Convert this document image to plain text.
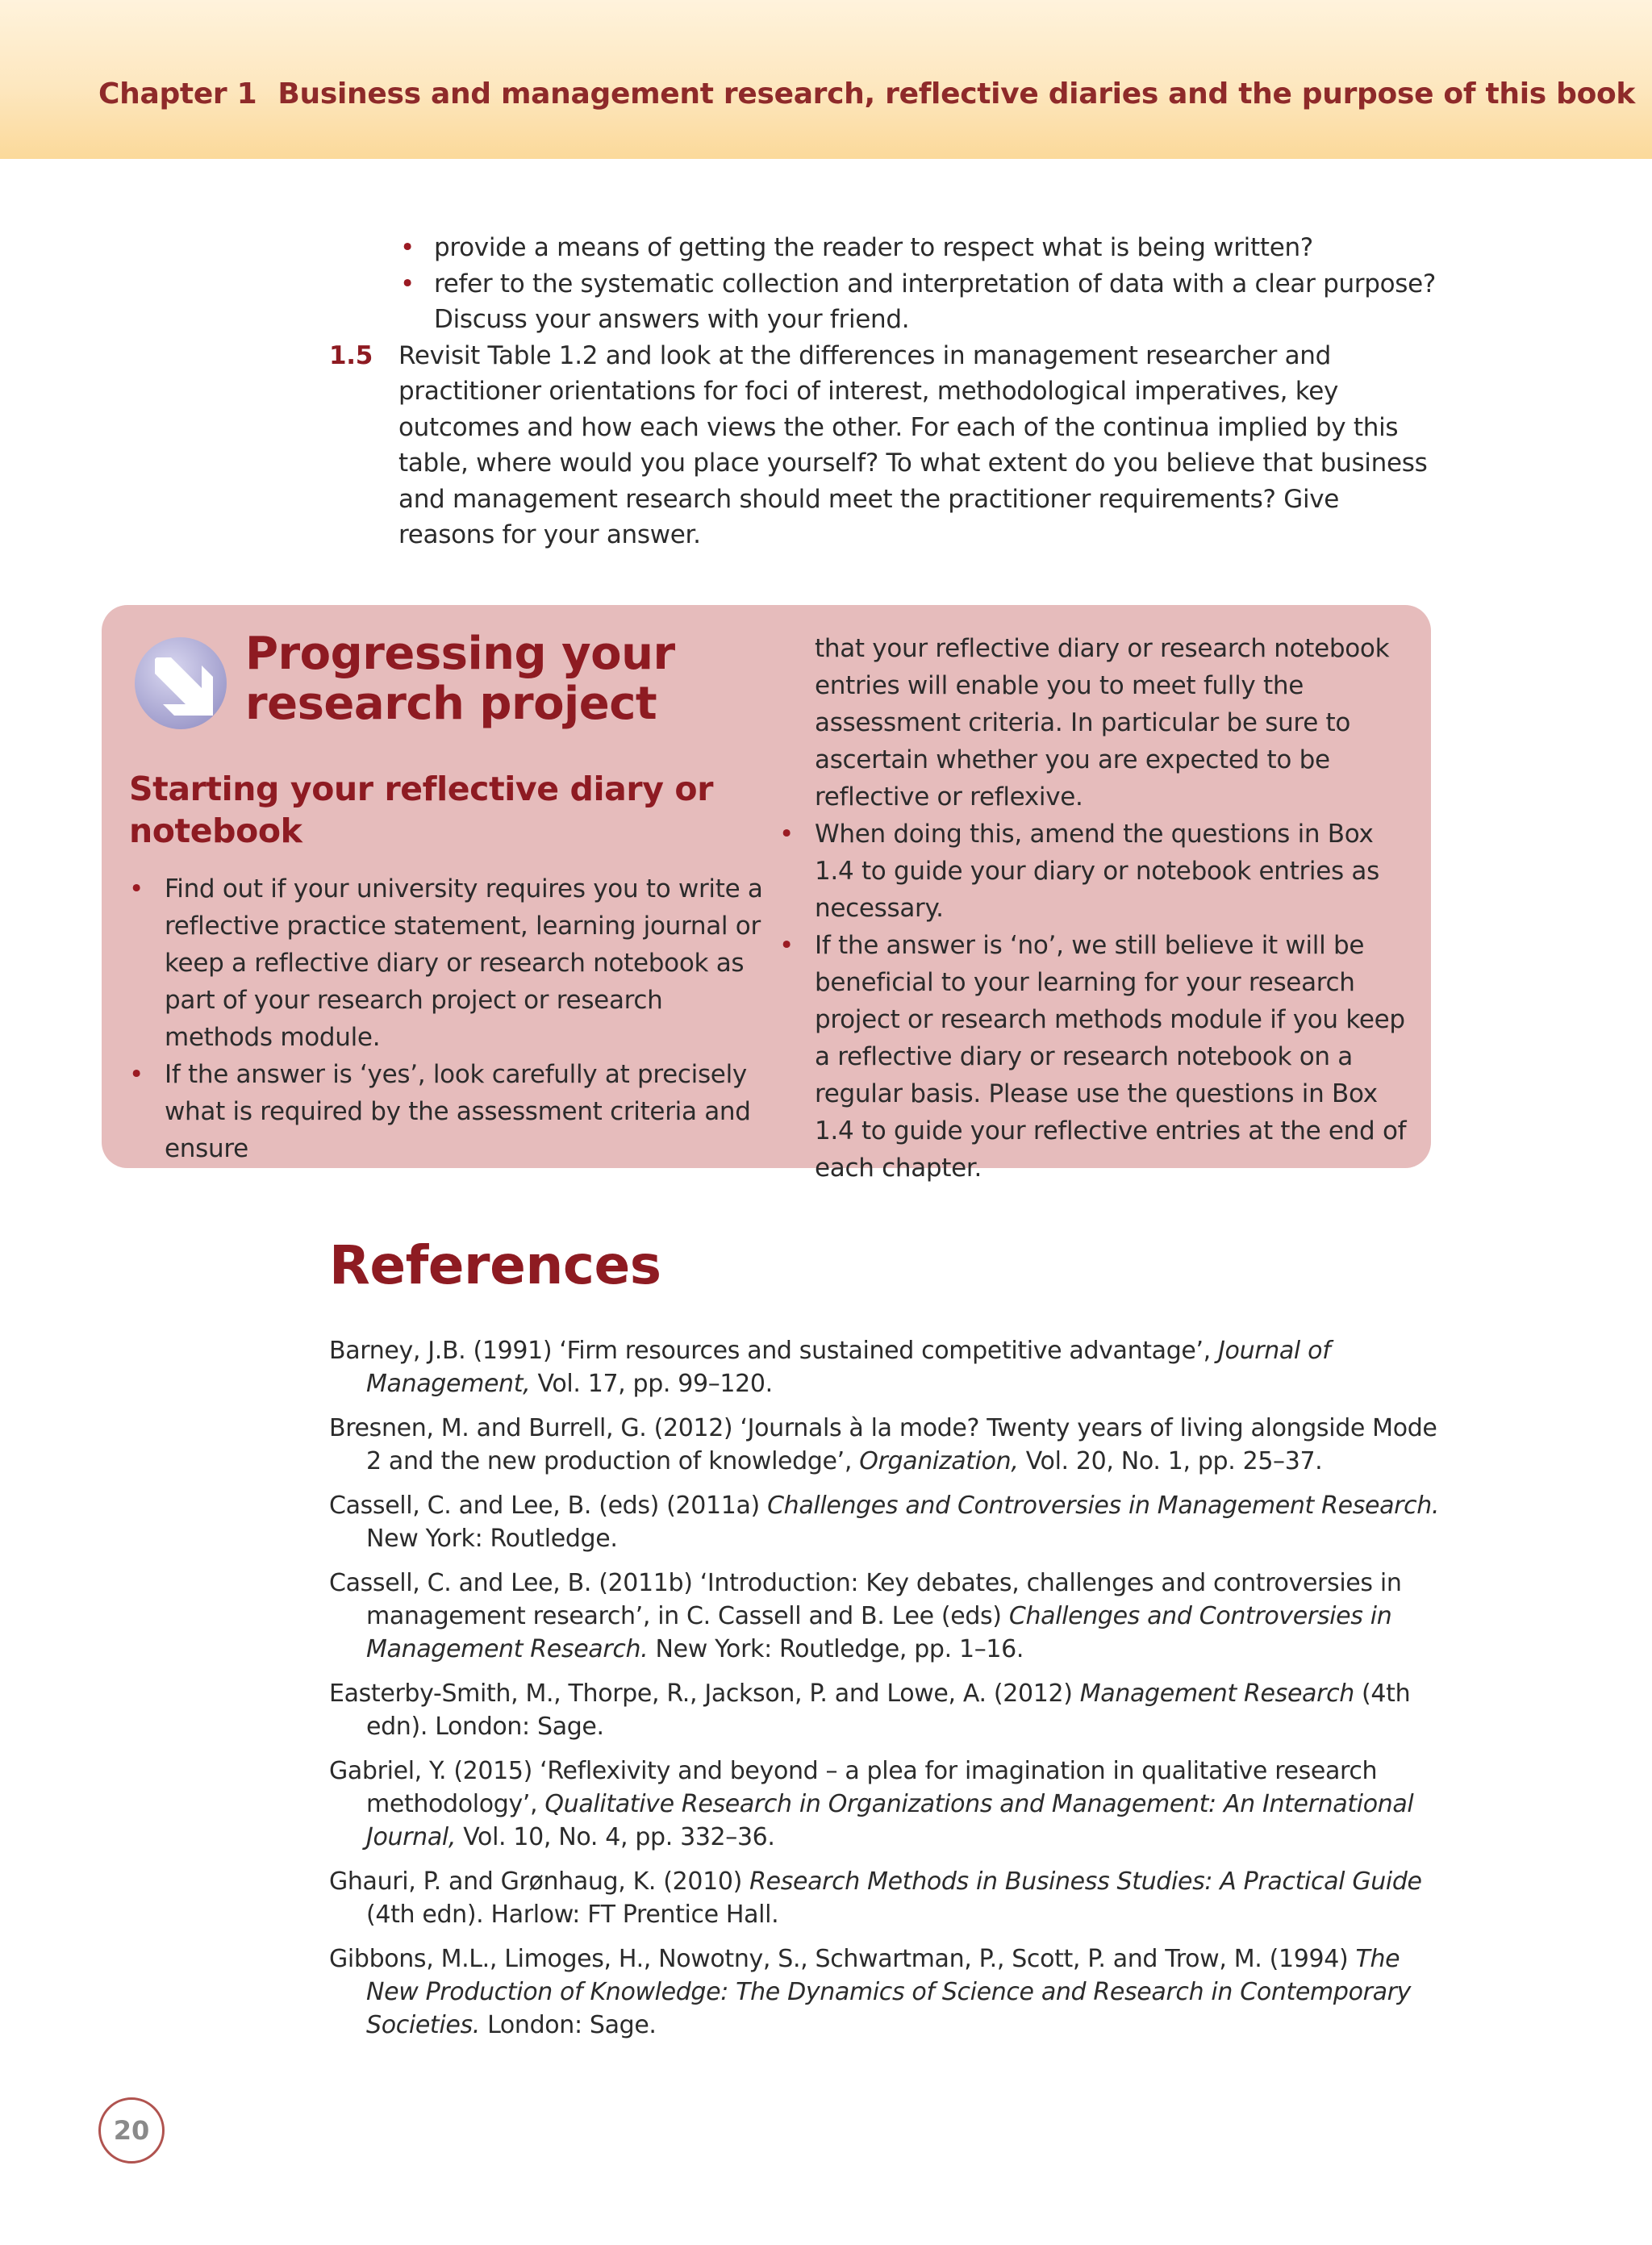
Chapter 1 Business and management research, reflective diaries and the purpose of this book
• provide a means of getting the reader to respect what is being written?
• refer to the systematic collection and interpretation of data with a clear purpose?
Discuss your answers with your friend.
1.5 Revisit Table 1.2 and look at the differences in management researcher and practitioner orientations for foci of interest, methodological imperatives, key outcomes and how each views the other. For each of the continua implied by this table, where would you place yourself? To what extent do you believe that business and management research should meet the practitioner requirements? Give reasons for your answer.
Progressing your research project
Starting your reflective diary or notebook
• Find out if your university requires you to write a reflective practice statement, learning journal or keep a reflective diary or research notebook as part of your research project or research methods module.
• If the answer is ‘yes’, look carefully at precisely what is required by the assessment criteria and ensure
that your reflective diary or research notebook entries will enable you to meet fully the assessment criteria. In particular be sure to ascertain whether you are expected to be reflective or reflexive.
• When doing this, amend the questions in Box 1.4 to guide your diary or notebook entries as necessary.
• If the answer is ‘no’, we still believe it will be beneficial to your learning for your research project or research methods module if you keep a reflective diary or research notebook on a regular basis. Please use the questions in Box 1.4 to guide your reflective entries at the end of each chapter.
References
Barney, J.B. (1991) ‘Firm resources and sustained competitive advantage’, Journal of Management, Vol. 17, pp. 99–120.
Bresnen, M. and Burrell, G. (2012) ‘Journals à la mode? Twenty years of living alongside Mode 2 and the new production of knowledge’, Organization, Vol. 20, No. 1, pp. 25–37.
Cassell, C. and Lee, B. (eds) (2011a) Challenges and Controversies in Management Research. New York: Routledge.
Cassell, C. and Lee, B. (2011b) ‘Introduction: Key debates, challenges and controversies in management research’, in C. Cassell and B. Lee (eds) Challenges and Controversies in Management Research. New York: Routledge, pp. 1–16.
Easterby-Smith, M., Thorpe, R., Jackson, P. and Lowe, A. (2012) Management Research (4th edn). London: Sage.
Gabriel, Y. (2015) ‘Reflexivity and beyond – a plea for imagination in qualitative research methodology’, Qualitative Research in Organizations and Management: An International Journal, Vol. 10, No. 4, pp. 332–36.
Ghauri, P. and Grønhaug, K. (2010) Research Methods in Business Studies: A Practical Guide (4th edn). Harlow: FT Prentice Hall.
Gibbons, M.L., Limoges, H., Nowotny, S., Schwartman, P., Scott, P. and Trow, M. (1994) The New Production of Knowledge: The Dynamics of Science and Research in Contemporary Societies. London: Sage.
20
